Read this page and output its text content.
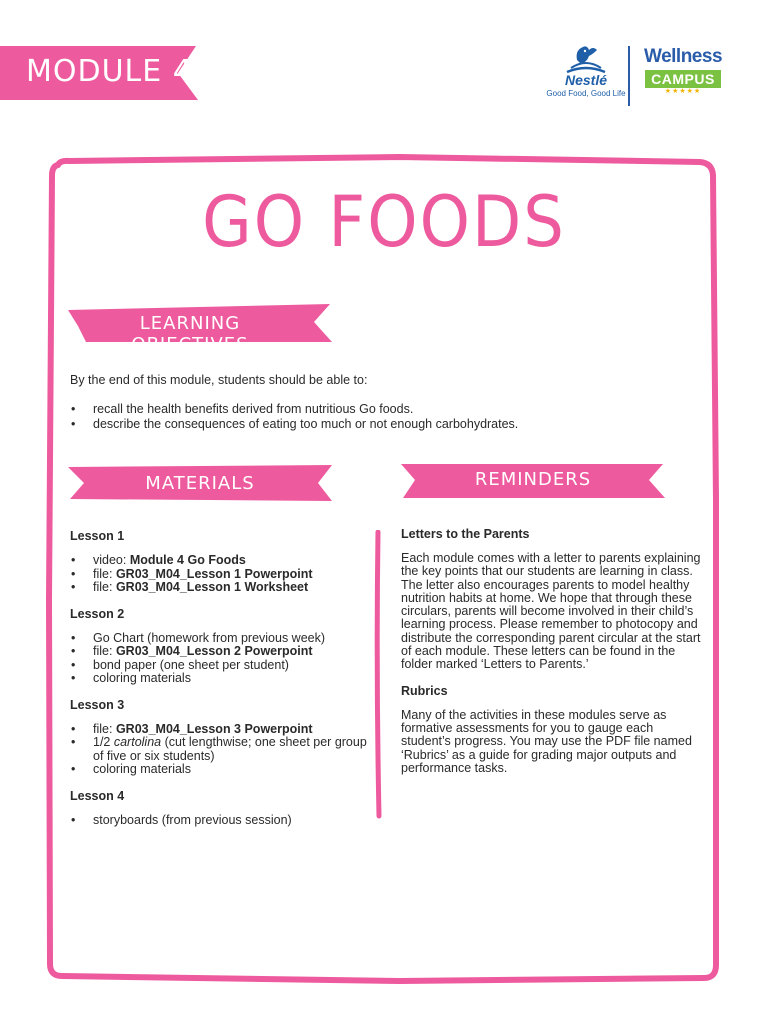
MODULE 4	Nestlé
Good Food, Good Life
Wellness
CAMPUS
★★★★★
GO FOODS
LEARNING OBJECTIVES
By the end of this module, students should be able to:
• recall the health benefits derived from nutritious Go foods.
• describe the consequences of eating too much or not enough carbohydrates.
MATERIALS	REMINDERS

Lesson 1

• video: Module 4 Go Foods
• file: GR03_M04_Lesson 1 Powerpoint
• file: GR03_M04_Lesson 1 Worksheet

Lesson 2

• Go Chart (homework from previous week)
• file: GR03_M04_Lesson 2 Powerpoint
• bond paper (one sheet per student)
• coloring materials

Lesson 3

• file: GR03_M04_Lesson 3 Powerpoint
• 1/2 cartolina (cut lengthwise; one sheet per group of five or six students)
• coloring materials

Lesson 4

• storyboards (from previous session)

Letters to the Parents

Each module comes with a letter to parents explaining the key points that our students are learning in class. The letter also encourages parents to model healthy nutrition habits at home. We hope that through these circulars, parents will become involved in their child’s learning process. Please remember to photocopy and distribute the corresponding parent circular at the start of each module. These letters can be found in the folder marked ‘Letters to Parents.’

Rubrics

Many of the activities in these modules serve as formative assessments for you to gauge each student’s progress. You may use the PDF file named ‘Rubrics’ as a guide for grading major outputs and performance tasks.
